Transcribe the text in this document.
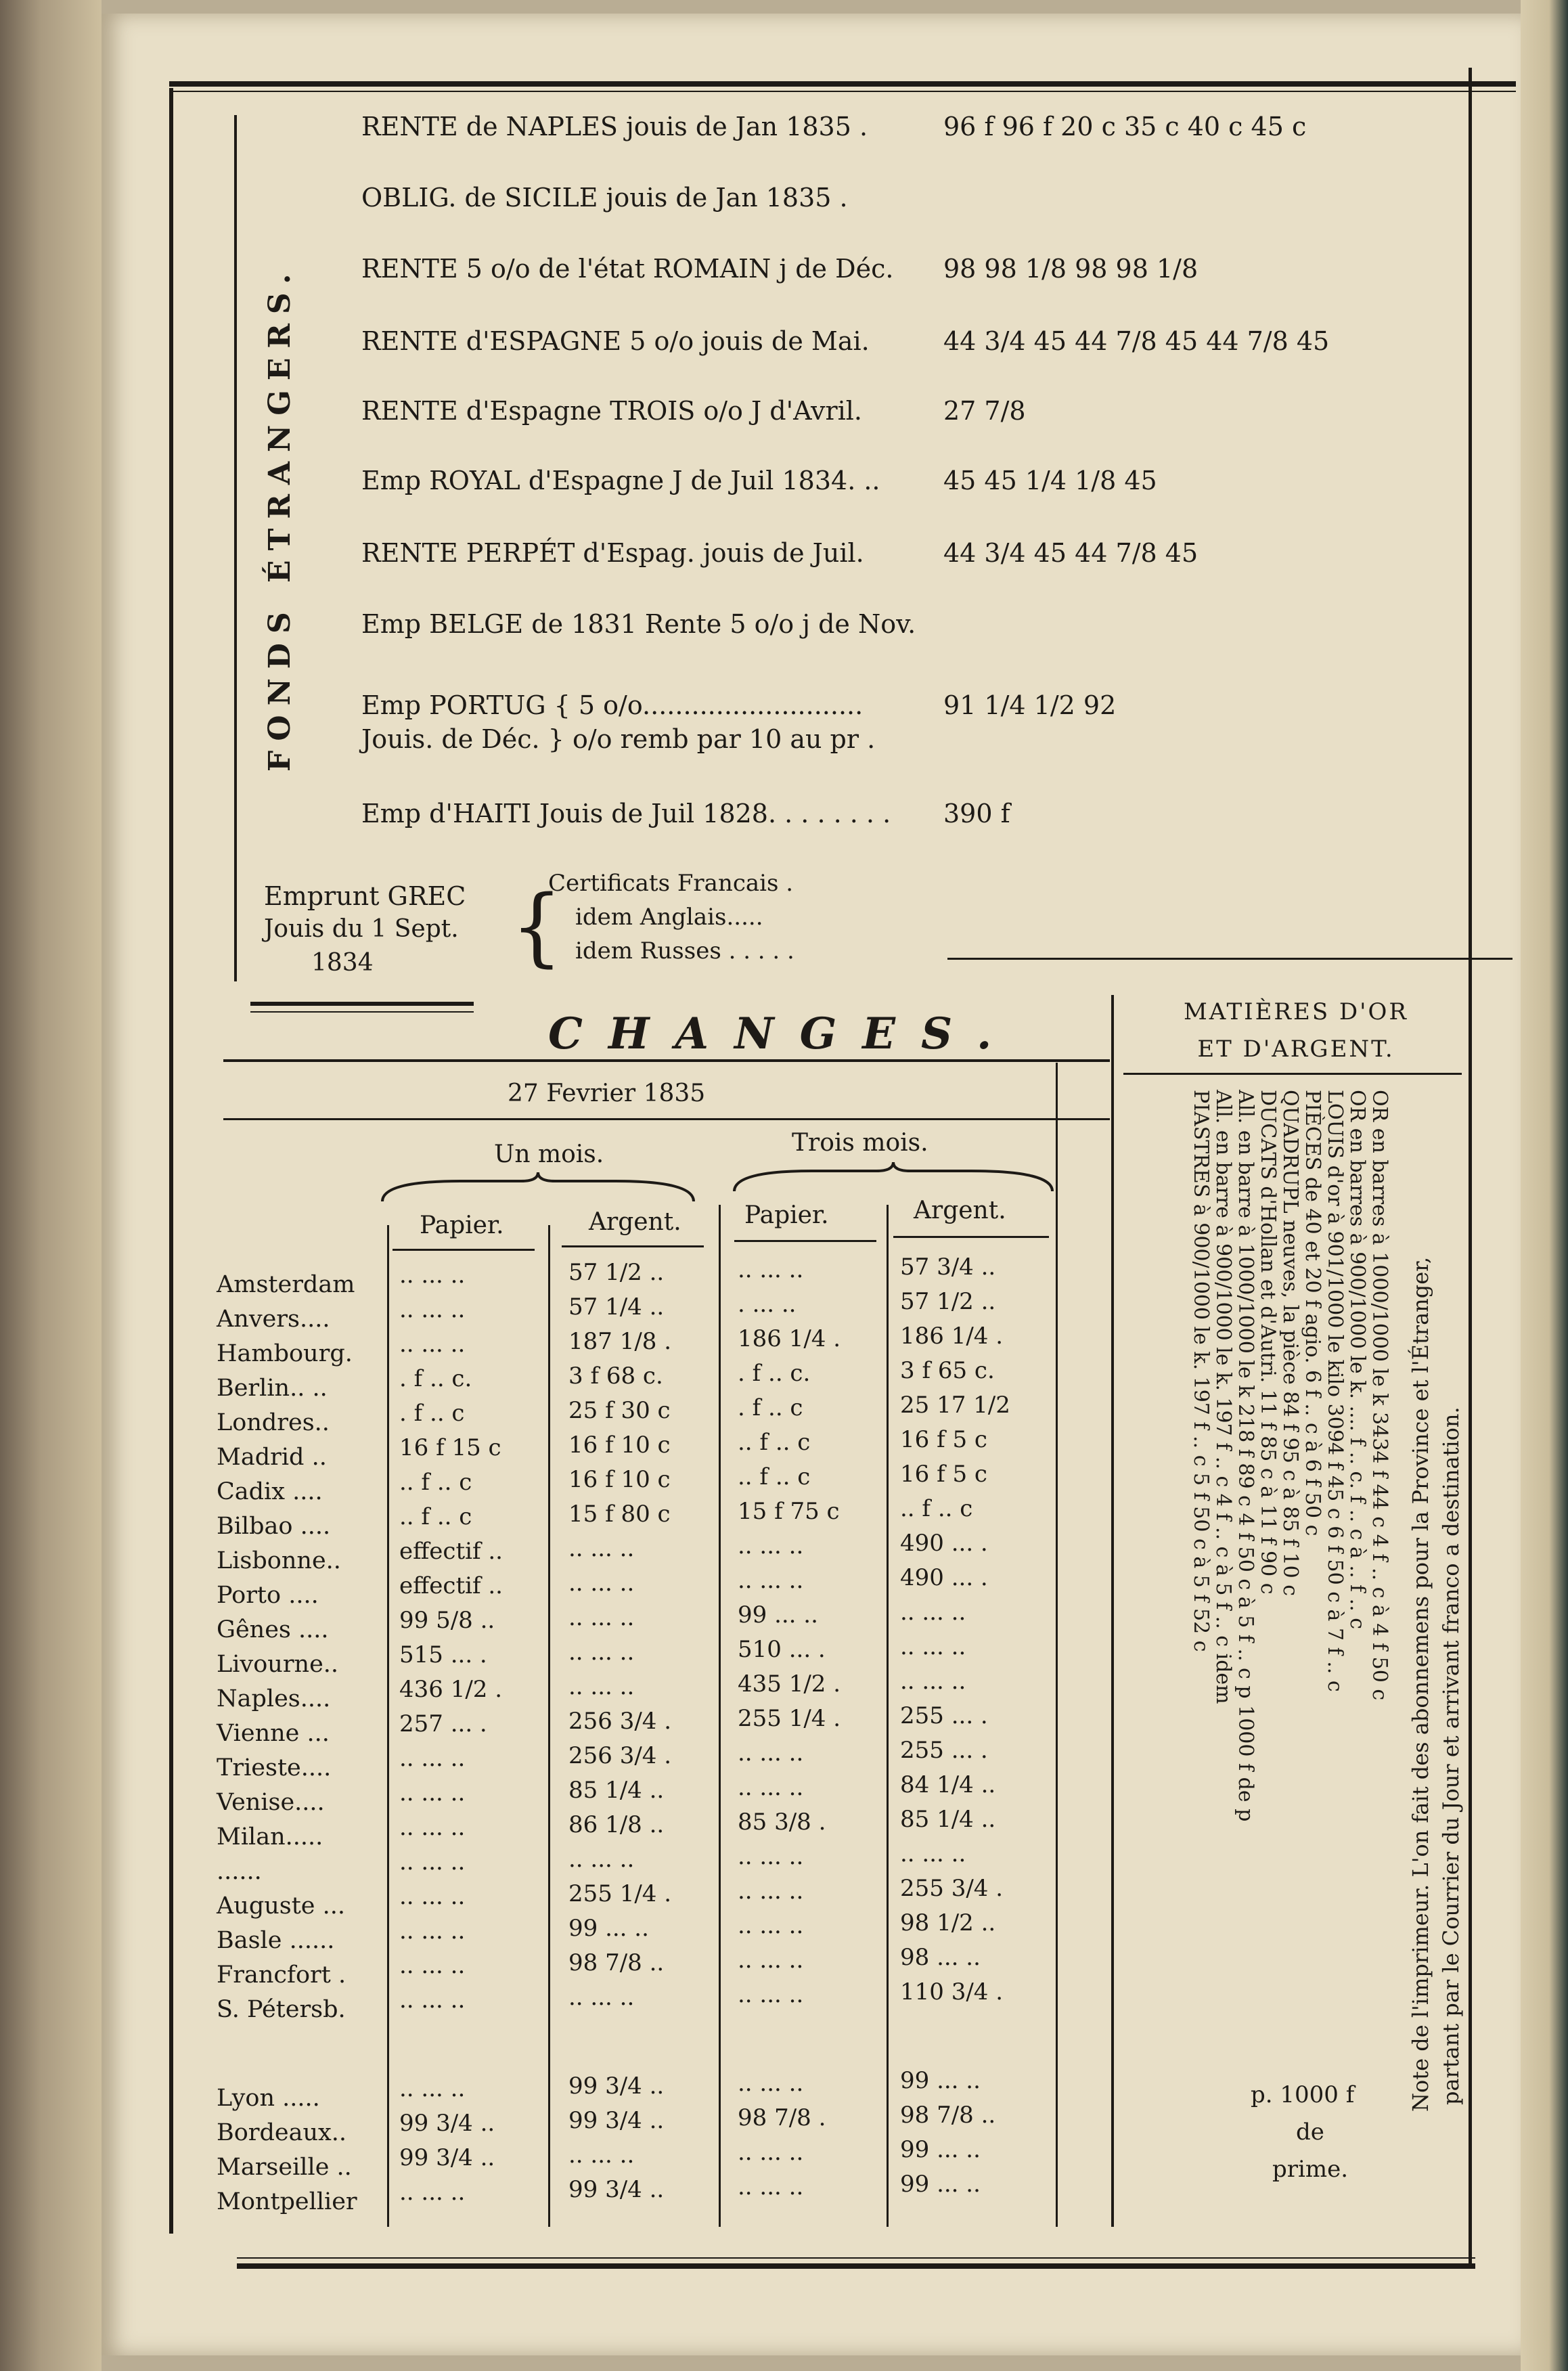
FONDS ÉTRANGERS.
RENTE de NAPLES jouis de Jan 1835 .	96 f 96 f 20 c 35 c 40 c 45 c
OBLIG. de SICILE jouis de Jan 1835 .
RENTE 5 o/o de l'état ROMAIN j de Déc. 98 98 1/8 98 98 1/8
RENTE d'ESPAGNE 5 o/o jouis de Mai.	44 3/4 45 44 7/8 45 44 7/8 45
RENTE d'Espagne TROIS o/o J d'Avril.	27 7/8
Emp ROYAL d'Espagne J de Juil 1834. .. 45 45 1/4 1/8 45
RENTE PERPÉT d'Espag. jouis de Juil.	44 3/4 45 44 7/8 45
Emp BELGE de 1831 Rente 5 o/o j de Nov.
Emp PORTUG { 5 o/o...........................	91 1/4 1/2 92
Jouis. de Déc. } o/o remb par 10 au pr .
Emp d'HAITI Jouis de Juil 1828. . . . . . . . 390 f
Emprunt GREC
Jouis du 1 Sept.
1834 {
Certificats Francais .
idem Anglais.....
idem Russes . . . . .
CHANGES.
27 Fevrier 1835
Un mois.	Trois mois.
Papier.	Argent.	Papier.	Argent.
Amsterdam .. ... ..	57 1/2 ..	.. ... ..	57 3/4 ..
Anvers....	.. ... ..	57 1/4 ..	. ... ..	57 1/2 ..
Hambourg. .. ... ..	187 1/8 .	186 1/4 .	186 1/4 .
Berlin.. ..	. f .. c.	3 f 68 c.	. f .. c.	3 f 65 c.
Londres..	. f .. c	25 f 30 c	. f .. c	25 17 1/2
Madrid ..	16 f 15 c	16 f 10 c	.. f .. c	16 f 5 c
Cadix ....	.. f .. c	16 f 10 c	.. f .. c	16 f 5 c
Bilbao ....	.. f .. c	15 f 80 c	15 f 75 c	.. f .. c
Lisbonne..	effectif ..	.. ... ..	.. ... ..	490 ... .
Porto ....	effectif ..	.. ... ..	.. ... ..	490 ... .
Gênes ....	99 5/8 ..	.. ... ..	99 ... ..	.. ... ..
Livourne..	515 ... .	.. ... ..	510 ... .	.. ... ..
Naples....	436 1/2 .	.. ... ..	435 1/2 .	.. ... ..
Vienne ...	257 ... .	256 3/4 .	255 1/4 .	255 ... .
Trieste....	.. ... ..	256 3/4 .	.. ... ..	255 ... .
Venise....	.. ... ..	85 1/4 ..	.. ... ..	84 1/4 ..
Milan.....	.. ... ..	86 1/8 ..	85 3/8 .	85 1/4 ..
......	.. ... ..	.. ... ..	.. ... ..	.. ... ..
Auguste ... .. ... ..	255 1/4 .	.. ... ..	255 3/4 .
Basle ......	.. ... ..	99 ... ..	.. ... ..	98 1/2 ..
Francfort . .. ... ..	98 7/8 ..	.. ... ..	98 ... ..
S. Pétersb. .. ... ..	.. ... ..	.. ... ..	110 3/4 .
Lyon .....	.. ... ..	99 3/4 ..	.. ... ..	99 ... ..
Bordeaux.. 99 3/4 ..	99 3/4 ..	98 7/8 .	98 7/8 ..
Marseille .. 99 3/4 ..	.. ... ..	.. ... ..	99 ... ..
Montpellier .. ... ..	99 3/4 ..	.. ... ..	99 ... ..
MATIÈRES D'OR
ET D'ARGENT.
OR en barres à 1000/1000 le k 3434 f 44 c 4 f .. c à 4 f 50 c
OR en barres à 900/1000 le k. .... f .. c. f .. c à .. f .. c
LOUIS d'or à 901/1000 le kilo 3094 f 45 c 6 f 50 c à 7 f .. c
PIÈCES de 40 et 20 f agio. 6 f .. c à 6 f 50 c
QUADRUPL neuves, la pièce 84 f 95 c à 85 f 10 c
DUCATS d'Hollan et d'Autri. 11 f 85 c à 11 f 90 c
All. en barre à 1000/1000 le k 218 f 89 c 4 f 50 c à 5 f .. c p 1000 f de p
All. en barre à 900/1000 le k. 197 f .. c 4 f .. c à 5 f .. c idem
PIASTRES à 900/1000 le k. 197 f .. c 5 f 50 c à 5 f 52 c
p. 1000 f
de
prime.
Note de l'imprimeur. L'on fait des abonnemens pour la Province et l'Étranger, partant par le Courrier du Jour et arrivant franco a destination.
